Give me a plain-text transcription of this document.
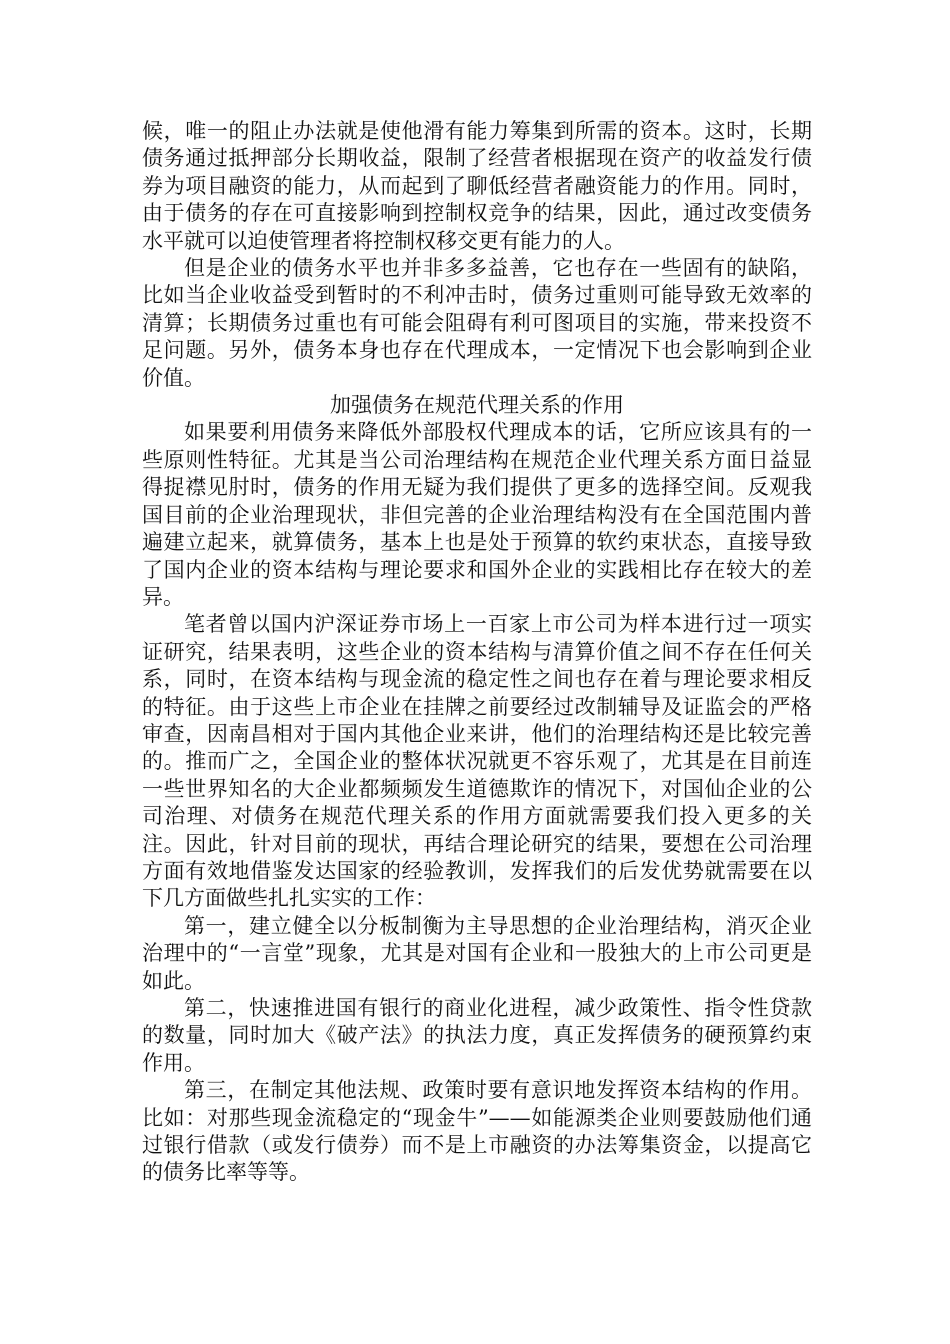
候，唯一的阻止办法就是使他滑有能力筹集到所需的资本。这时，长期债务通过抵押部分长期收益，限制了经营者根据现在资产的收益发行债券为项目融资的能力，从而起到了聊低经营者融资能力的作用。同时，由于债务的存在可直接影响到控制权竞争的结果，因此，通过改变债务水平就可以迫使管理者将控制权移交更有能力的人。

但是企业的债务水平也并非多多益善，它也存在一些固有的缺陷，比如当企业收益受到暂时的不利冲击时，债务过重则可能导致无效率的清算；长期债务过重也有可能会阻碍有利可图项目的实施，带来投资不足问题。另外，债务本身也存在代理成本，一定情况下也会影响到企业价值。

加强债务在规范代理关系的作用

如果要利用债务来降低外部股权代理成本的话，它所应该具有的一些原则性特征。尤其是当公司治理结构在规范企业代理关系方面日益显得捉襟见肘时，债务的作用无疑为我们提供了更多的选择空间。反观我国目前的企业治理现状，非但完善的企业治理结构没有在全国范围内普遍建立起来，就算债务，基本上也是处于预算的软约束状态，直接导致了国内企业的资本结构与理论要求和国外企业的实践相比存在较大的差异。

笔者曾以国内沪深证券市场上一百家上市公司为样本进行过一项实证研究，结果表明，这些企业的资本结构与清算价值之间不存在任何关系，同时，在资本结构与现金流的稳定性之间也存在着与理论要求相反的特征。由于这些上市企业在挂牌之前要经过改制辅导及证监会的严格审查，因南昌相对于国内其他企业来讲，他们的治理结构还是比较完善的。推而广之，全国企业的整体状况就更不容乐观了，尤其是在目前连一些世界知名的大企业都频频发生道德欺诈的情况下，对国仙企业的公司治理、对债务在规范代理关系的作用方面就需要我们投入更多的关注。因此，针对目前的现状，再结合理论研究的结果，要想在公司治理方面有效地借鉴发达国家的经验教训，发挥我们的后发优势就需要在以下几方面做些扎扎实实的工作：

第一，建立健全以分板制衡为主导思想的企业治理结构，消灭企业治理中的“一言堂”现象，尤其是对国有企业和一股独大的上市公司更是如此。

第二，快速推进国有银行的商业化进程，减少政策性、指令性贷款的数量，同时加大《破产法》的执法力度，真正发挥债务的硬预算约束作用。

第三，在制定其他法规、政策时要有意识地发挥资本结构的作用。比如：对那些现金流稳定的“现金牛”——如能源类企业则要鼓励他们通过银行借款（或发行债券）而不是上市融资的办法筹集资金，以提高它的债务比率等等。
